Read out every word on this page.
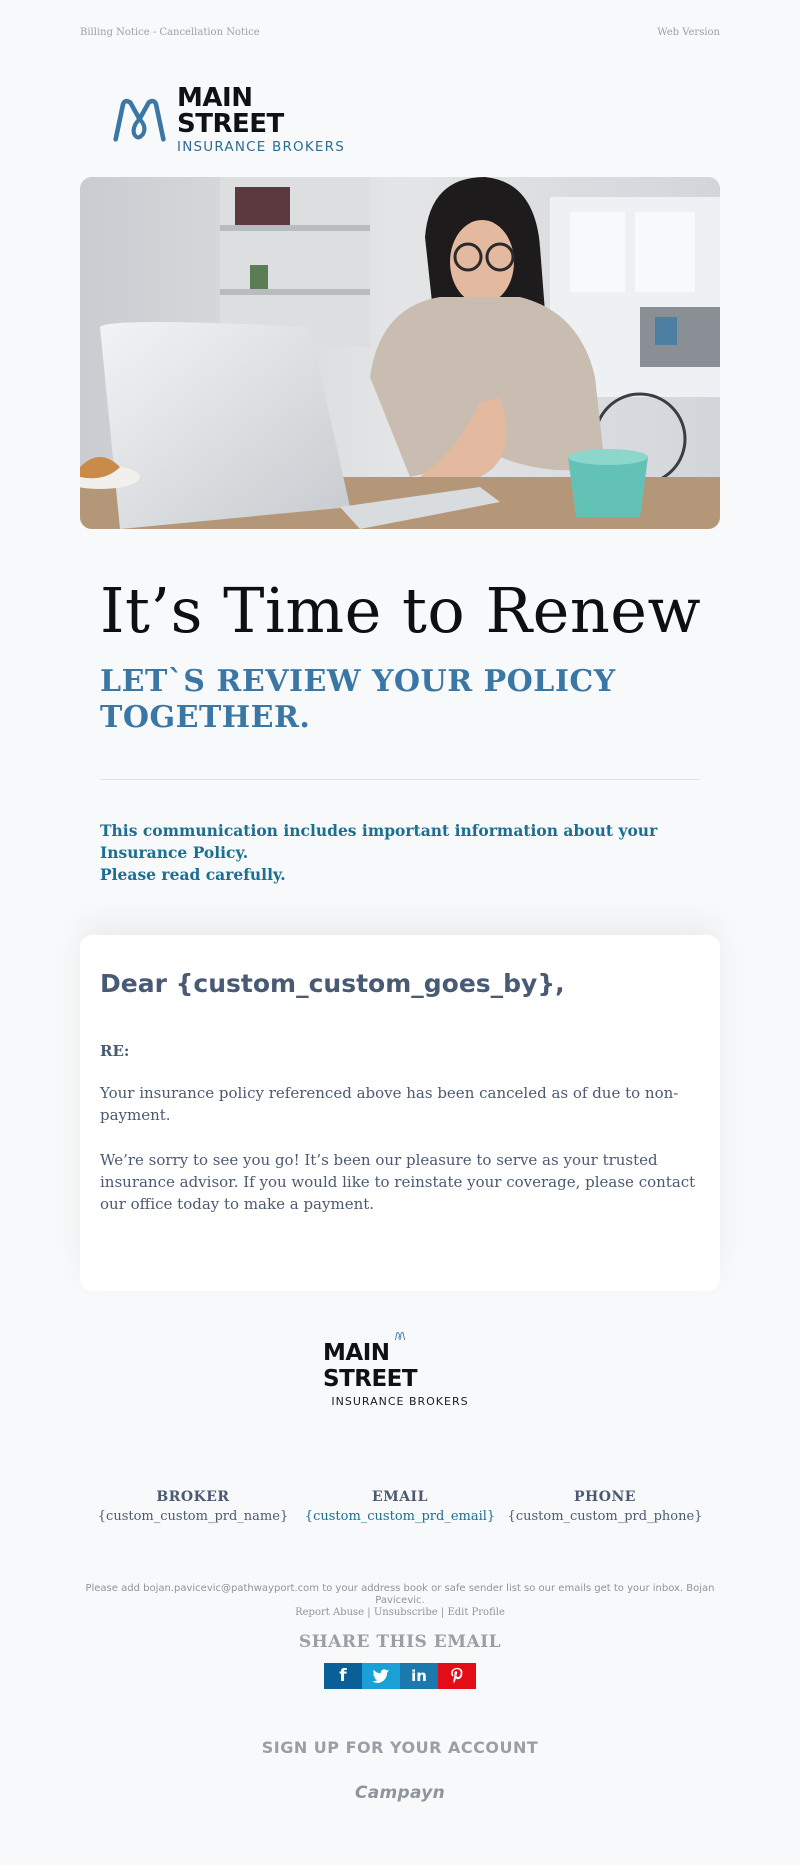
Billing Notice - Cancellation Notice	Web Version
MAIN STREET
INSURANCE BROKERS
It’s Time to Renew
LET`S REVIEW YOUR POLICY TOGETHER.
This communication includes important information about your Insurance Policy.
Please read carefully.
Dear {custom_custom_goes_by},
RE:

Your insurance policy referenced above has been canceled as of due to non-payment.

We’re sorry to see you go! It’s been our pleasure to serve as your trusted insurance advisor. If you would like to reinstate your coverage, please contact our office today to make a payment.

MAIN STREET
INSURANCE BROKERS
BROKER
{custom_custom_prd_name}
EMAIL
{custom_custom_prd_email}
PHONE
{custom_custom_prd_phone}
Please add bojan.pavicevic@pathwayport.com to your address book or safe sender list so our emails get to your inbox. Bojan Pavicevic.
Report Abuse | Unsubscribe | Edit Profile
SHARE THIS EMAIL
f	in
SIGN UP FOR YOUR ACCOUNT
Campayn
